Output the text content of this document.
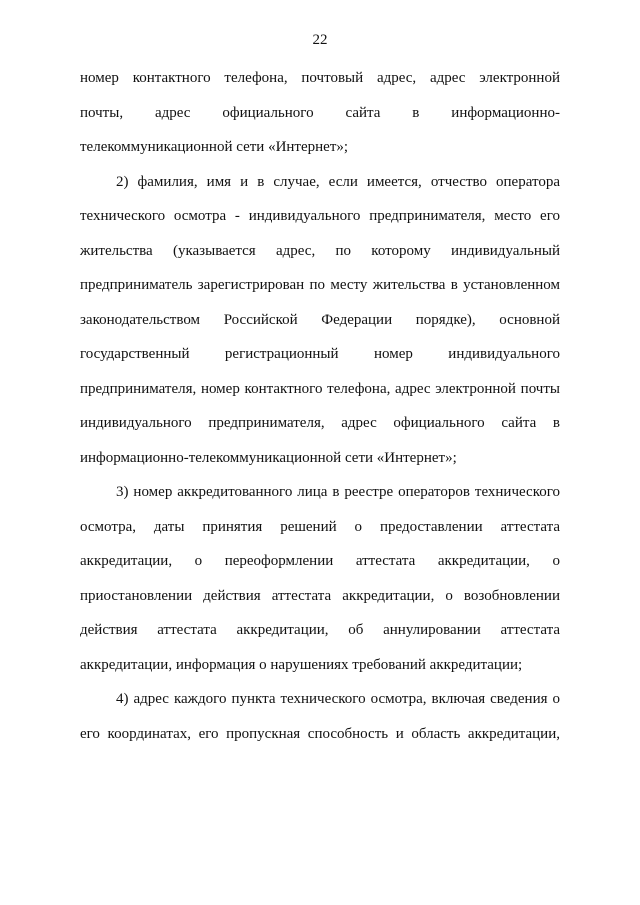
22
номер контактного телефона, почтовый адрес, адрес электронной
почты, адрес официального сайта в информационно-
телекоммуникационной сети «Интернет»;
2) фамилия, имя и в случае, если имеется, отчество оператора
технического осмотра - индивидуального предпринимателя, место его
жительства (указывается адрес, по которому индивидуальный
предприниматель зарегистрирован по месту жительства в установленном
законодательством Российской Федерации порядке), основной
государственный регистрационный номер индивидуального
предпринимателя, номер контактного телефона, адрес электронной почты
индивидуального предпринимателя, адрес официального сайта в
информационно-телекоммуникационной сети «Интернет»;
3) номер аккредитованного лица в реестре операторов технического
осмотра, даты принятия решений о предоставлении аттестата
аккредитации, о переоформлении аттестата аккредитации, о
приостановлении действия аттестата аккредитации, о возобновлении
действия аттестата аккредитации, об аннулировании аттестата
аккредитации, информация о нарушениях требований аккредитации;
4) адрес каждого пункта технического осмотра, включая сведения о
его координатах, его пропускная способность и область аккредитации,
